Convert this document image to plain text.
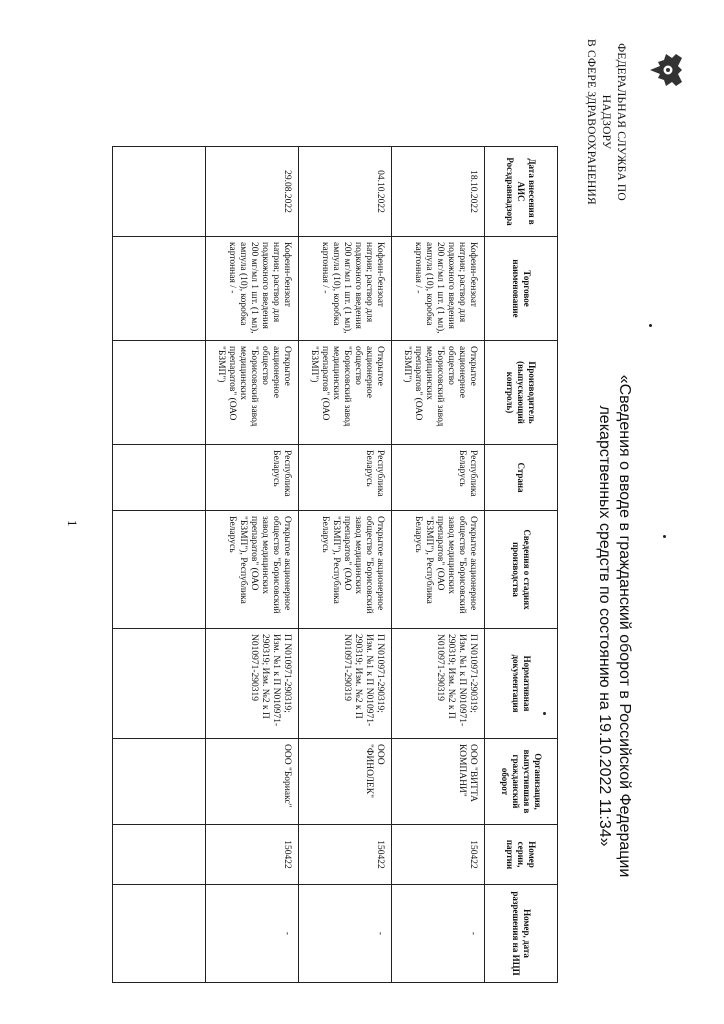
ФЕДЕРАЛЬНАЯ СЛУЖБА ПО НАДЗОРУ
В СФЕРЕ ЗДРАВООХРАНЕНИЯ
«Сведения о вводе в гражданский оборот в Российской Федерации
лекарственных средств по состоянию на 19.10.2022 11:34»
Дата внесения в АИС Росздравнадзора	Торговое наименование	Производитель (выпускающий контроль)	Страна	Сведения о стадиях производства	Нормативная документация	Организация, выпустившая в гражданский оборот	Номер серии, партии	Номер, дата разрешения на ИЦП
18.10.2022	Кофеин-бензоат натрия; раствор для подкожного введения 200 мг/мл 1 шт. (1 мл), ампула (10), коробка картонная / -	Открытое акционерное общество "Борисовский завод медицинских препаратов" (ОАО "БЗМП")	Республика Беларусь	Открытое акционерное общество "Борисовский завод медицинских препаратов" (ОАО "БЗМП"), Республика Беларусь	П N010971-290319; Изм. №1 к П N010971-290319; Изм. №2 к П N010971-290319	ООО "ВИТТА КОМПАНИ"	150422	-
04.10.2022	Кофеин-бензоат натрия; раствор для подкожного введения 200 мг/мл 1 шт. (1 мл), ампула (10), коробка картонная / -	Открытое акционерное общество "Борисовский завод медицинских препаратов" (ОАО "БЗМП")	Республика Беларусь	Открытое акционерное общество "Борисовский завод медицинских препаратов" (ОАО "БЗМП"), Республика Беларусь	П N010971-290319; Изм. №1 к П N010971-290319; Изм. №2 к П N010971-290319	ООО "ФИНОЛЕК"	150422	-
29.08.2022	Кофеин-бензоат натрия; раствор для подкожного введения 200 мг/мл 1 шт. (1 мл), ампула (10), коробка картонная / -	Открытое акционерное общество "Борисовский завод медицинских препаратов" (ОАО "БЗМП")	Республика Беларусь	Открытое акционерное общество "Борисовский завод медицинских препаратов" (ОАО "БЗМП"), Республика Беларусь	П N010971-290319; Изм. №1 к П N010971-290319; Изм. №2 к П N010971-290319	ООО "Бориакс"	150422	-

1
